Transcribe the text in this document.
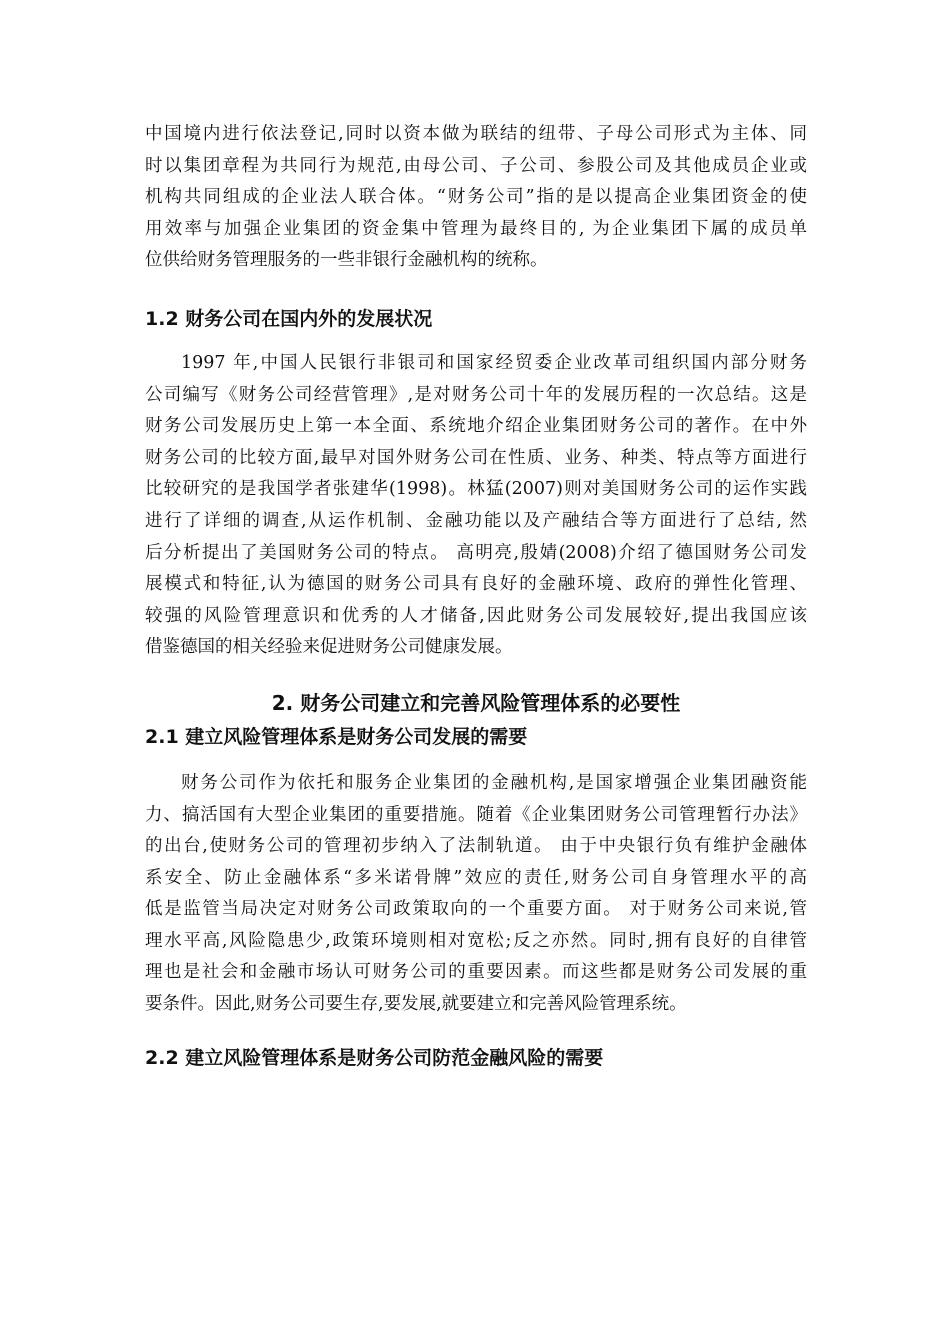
中国境内进行依法登记,同时以资本做为联结的纽带、子母公司形式为主体、同

时以集团章程为共同行为规范,由母公司、子公司、参股公司及其他成员企业或

机构共同组成的企业法人联合体。“财务公司”指的是以提高企业集团资金的使

用效率与加强企业集团的资金集中管理为最终目的, 为企业集团下属的成员单

位供给财务管理服务的一些非银行金融机构的统称。

1.2 财务公司在国内外的发展状况

1997 年,中国人民银行非银司和国家经贸委企业改革司组织国内部分财务

公司编写《财务公司经营管理》,是对财务公司十年的发展历程的一次总结。这是

财务公司发展历史上第一本全面、系统地介绍企业集团财务公司的著作。在中外

财务公司的比较方面,最早对国外财务公司在性质、业务、种类、特点等方面进行

比较研究的是我国学者张建华(1998)。林猛(2007)则对美国财务公司的运作实践

进行了详细的调查,从运作机制、金融功能以及产融结合等方面进行了总结, 然

后分析提出了美国财务公司的特点。 高明亮,殷婧(2008)介绍了德国财务公司发

展模式和特征,认为德国的财务公司具有良好的金融环境、政府的弹性化管理、

较强的风险管理意识和优秀的人才储备,因此财务公司发展较好,提出我国应该

借鉴德国的相关经验来促进财务公司健康发展。

2. 财务公司建立和完善风险管理体系的必要性
2.1 建立风险管理体系是财务公司发展的需要

财务公司作为依托和服务企业集团的金融机构,是国家增强企业集团融资能

力、搞活国有大型企业集团的重要措施。随着《企业集团财务公司管理暂行办法》

的出台,使财务公司的管理初步纳入了法制轨道。 由于中央银行负有维护金融体

系安全、防止金融体系“多米诺骨牌”效应的责任,财务公司自身管理水平的高

低是监管当局决定对财务公司政策取向的一个重要方面。 对于财务公司来说,管

理水平高,风险隐患少,政策环境则相对宽松;反之亦然。同时,拥有良好的自律管

理也是社会和金融市场认可财务公司的重要因素。而这些都是财务公司发展的重

要条件。因此,财务公司要生存,要发展,就要建立和完善风险管理系统。

2.2 建立风险管理体系是财务公司防范金融风险的需要
